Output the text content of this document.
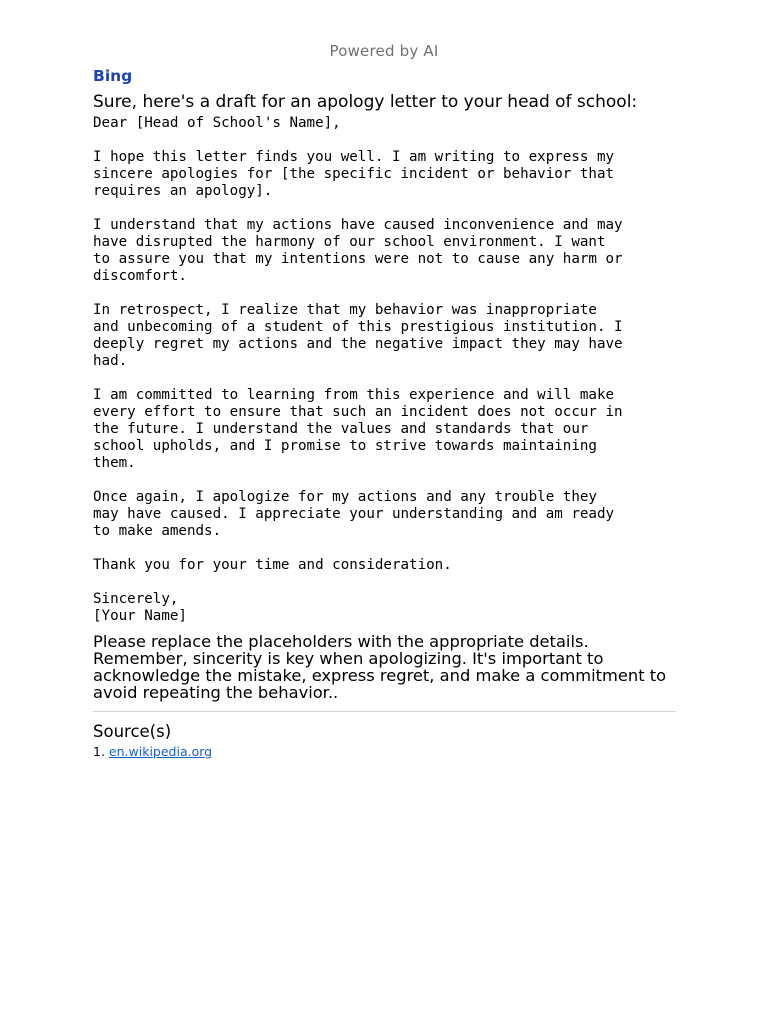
Powered by AI
Bing
Sure, here's a draft for an apology letter to your head of school:

Dear [Head of School's Name],

I hope this letter finds you well. I am writing to express my
sincere apologies for [the specific incident or behavior that
requires an apology].

I understand that my actions have caused inconvenience and may
have disrupted the harmony of our school environment. I want
to assure you that my intentions were not to cause any harm or
discomfort.

In retrospect, I realize that my behavior was inappropriate
and unbecoming of a student of this prestigious institution. I
deeply regret my actions and the negative impact they may have
had.

I am committed to learning from this experience and will make
every effort to ensure that such an incident does not occur in
the future. I understand the values and standards that our
school upholds, and I promise to strive towards maintaining
them.

Once again, I apologize for my actions and any trouble they
may have caused. I appreciate your understanding and am ready
to make amends.

Thank you for your time and consideration.

Sincerely,
[Your Name]

Please replace the placeholders with the appropriate details. Remember, sincerity is key when apologizing. It's important to acknowledge the mistake, express regret, and make a commitment to avoid repeating the behavior..
Source(s)
1. en.wikipedia.org
